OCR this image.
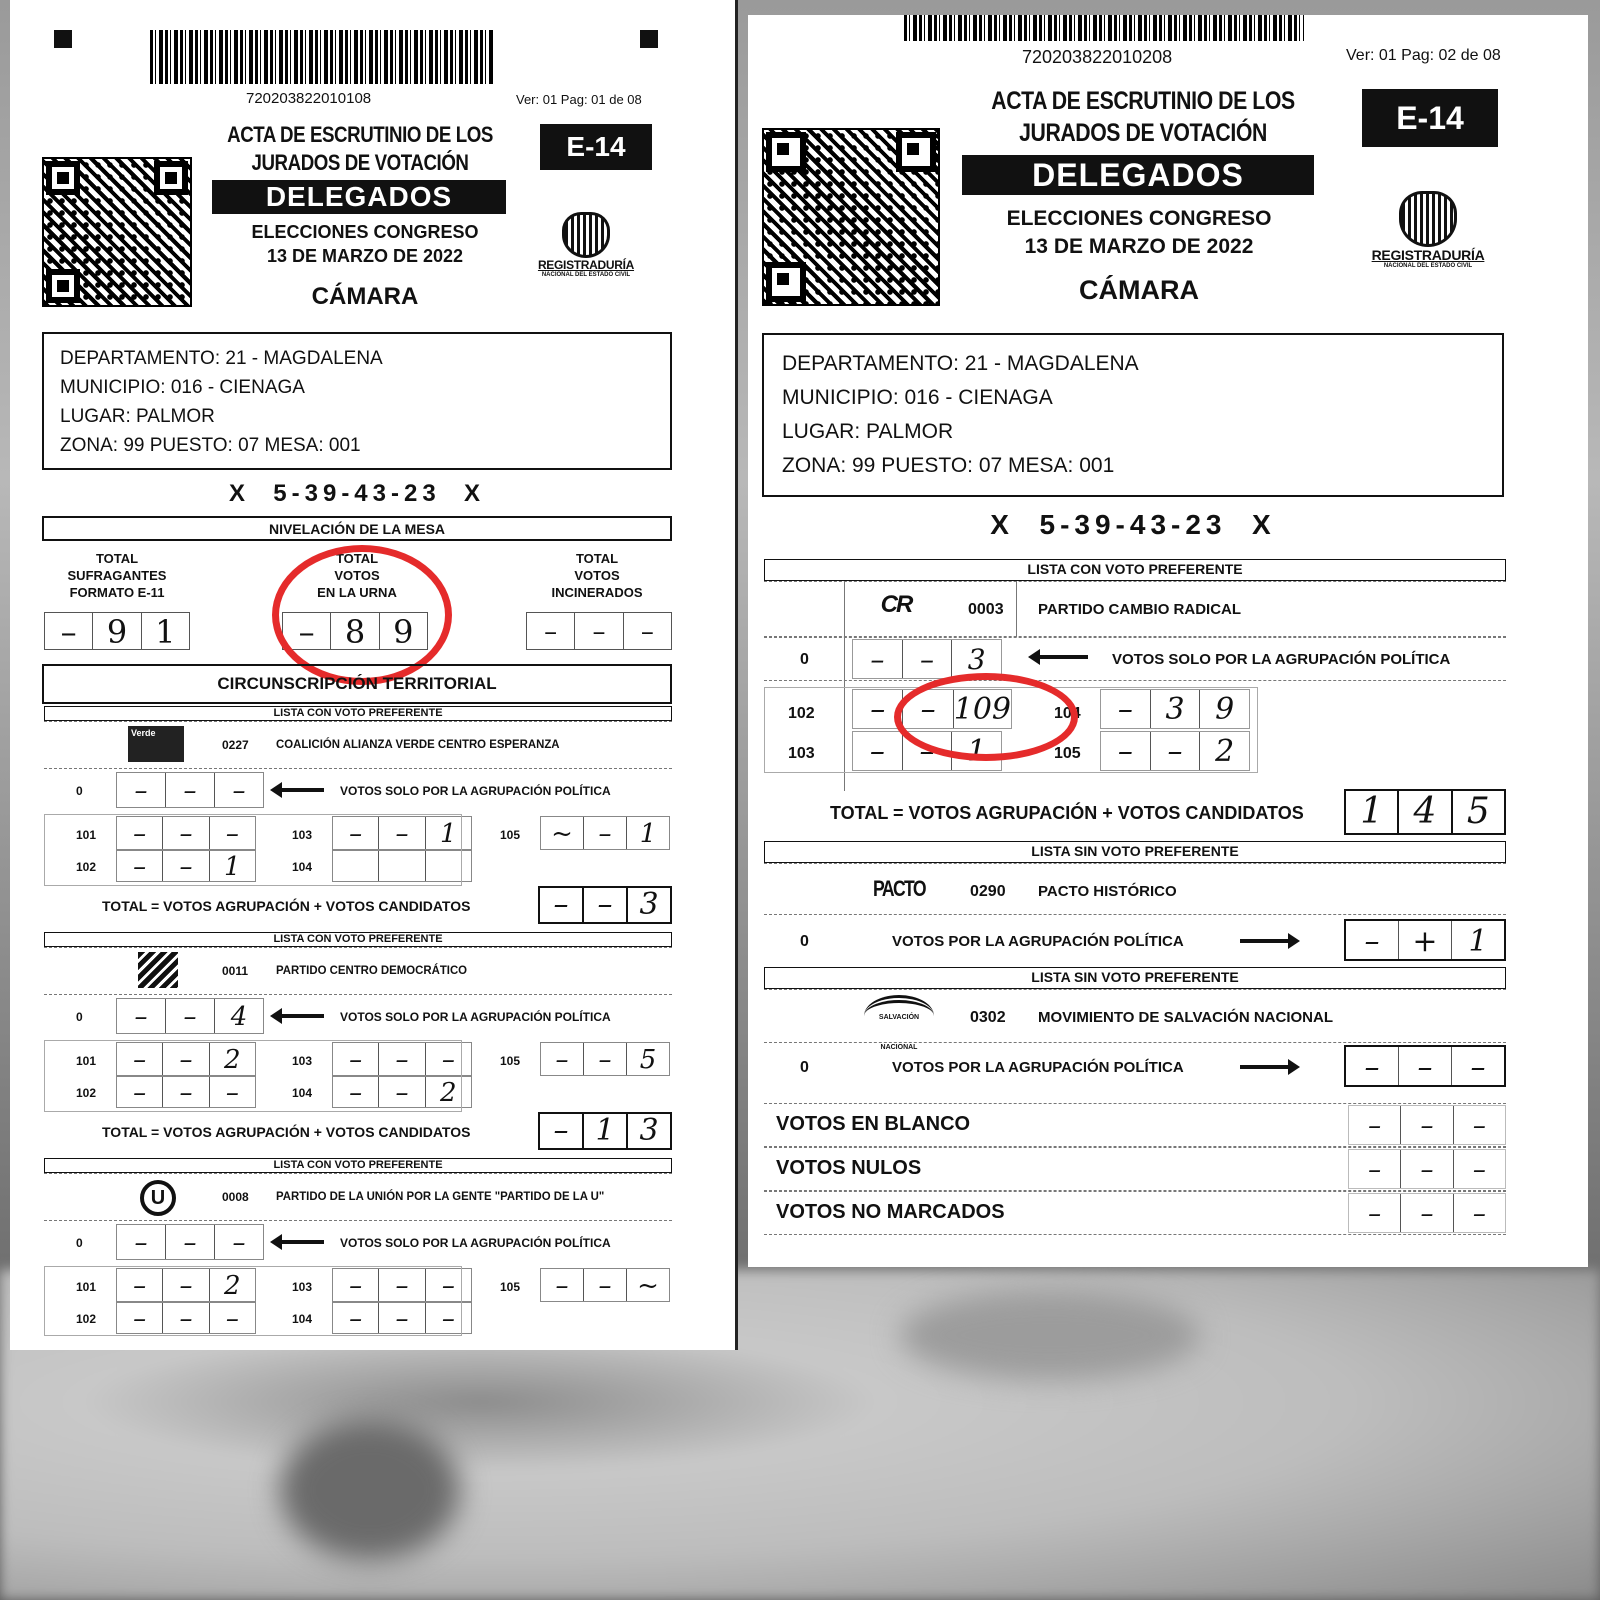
720203822010108	Ver: 01 Pag: 01 de 08
ACTA DE ESCRUTINIO DE LOS
JURADOS DE VOTACIÓN
DELEGADOS
E-14
ELECCIONES CONGRESO
13 DE MARZO DE 2022
CÁMARA
REGISTRADURÍA
NACIONAL DEL ESTADO CIVIL
DEPARTAMENTO: 21 - MAGDALENA
MUNICIPIO: 016 - CIENAGA
LUGAR: PALMOR
ZONA: 99 PUESTO: 07 MESA: 001
X  5-39-43-23  X
NIVELACIÓN DE LA MESA
TOTAL
SUFRAGANTES
FORMATO E-11
TOTAL
VOTOS
EN LA URNA
TOTAL
VOTOS
INCINERADOS
– 9 1	– 8 9	–	–	–
CIRCUNSCRIPCIÓN TERRITORIAL
LISTA CON VOTO PREFERENTE
Verde
0227 COALICIÓN ALIANZA VERDE CENTRO ESPERANZA
0	–	–	–	VOTOS SOLO POR LA AGRUPACIÓN POLÍTICA
101	–	–	–	103	–	–	1	105	~ –	1
102	–	–	1	104
TOTAL = VOTOS AGRUPACIÓN + VOTOS CANDIDATOS	– – 3
LISTA CON VOTO PREFERENTE
0011 PARTIDO CENTRO DEMOCRÁTICO
0	–	–	4	VOTOS SOLO POR LA AGRUPACIÓN POLÍTICA
101	–	–	2	103	–	–	–	105	–	–	5
102	–	–	–	104	–	–	2
TOTAL = VOTOS AGRUPACIÓN + VOTOS CANDIDATOS	– 1 3
LISTA CON VOTO PREFERENTE
U	0008 PARTIDO DE LA UNIÓN POR LA GENTE "PARTIDO DE LA U"
0	–	–	–	VOTOS SOLO POR LA AGRUPACIÓN POLÍTICA
101	–	–	2	103	–	–	–	105	–	– ~
102	–	–	–	104	–	–	–
720203822010208	Ver: 01 Pag: 02 de 08
ACTA DE ESCRUTINIO DE LOS
JURADOS DE VOTACIÓN
DELEGADOS
E-14
ELECCIONES CONGRESO
13 DE MARZO DE 2022
CÁMARA
REGISTRADURÍA
NACIONAL DEL ESTADO CIVIL
DEPARTAMENTO: 21 - MAGDALENA
MUNICIPIO: 016 - CIENAGA
LUGAR: PALMOR
ZONA: 99 PUESTO: 07 MESA: 001
X  5-39-43-23  X
LISTA CON VOTO PREFERENTE
CR	0003 PARTIDO CAMBIO RADICAL
0	–	–	3	VOTOS SOLO POR LA AGRUPACIÓN POLÍTICA
102	–	– 109	104	–	3	9
103	–	–	1	105	–	–	2
TOTAL = VOTOS AGRUPACIÓN + VOTOS CANDIDATOS	1 4 5
LISTA SIN VOTO PREFERENTE
PACTO	0290 PACTO HISTÓRICO
0	VOTOS POR LA AGRUPACIÓN POLÍTICA	–	+	1
LISTA SIN VOTO PREFERENTE
SALVACIÓN NACIONAL
0302 MOVIMIENTO DE SALVACIÓN NACIONAL
0	VOTOS POR LA AGRUPACIÓN POLÍTICA	–	–	–
VOTOS EN BLANCO	–	–	–
VOTOS NULOS	–	–	–
VOTOS NO MARCADOS	–	–	–
